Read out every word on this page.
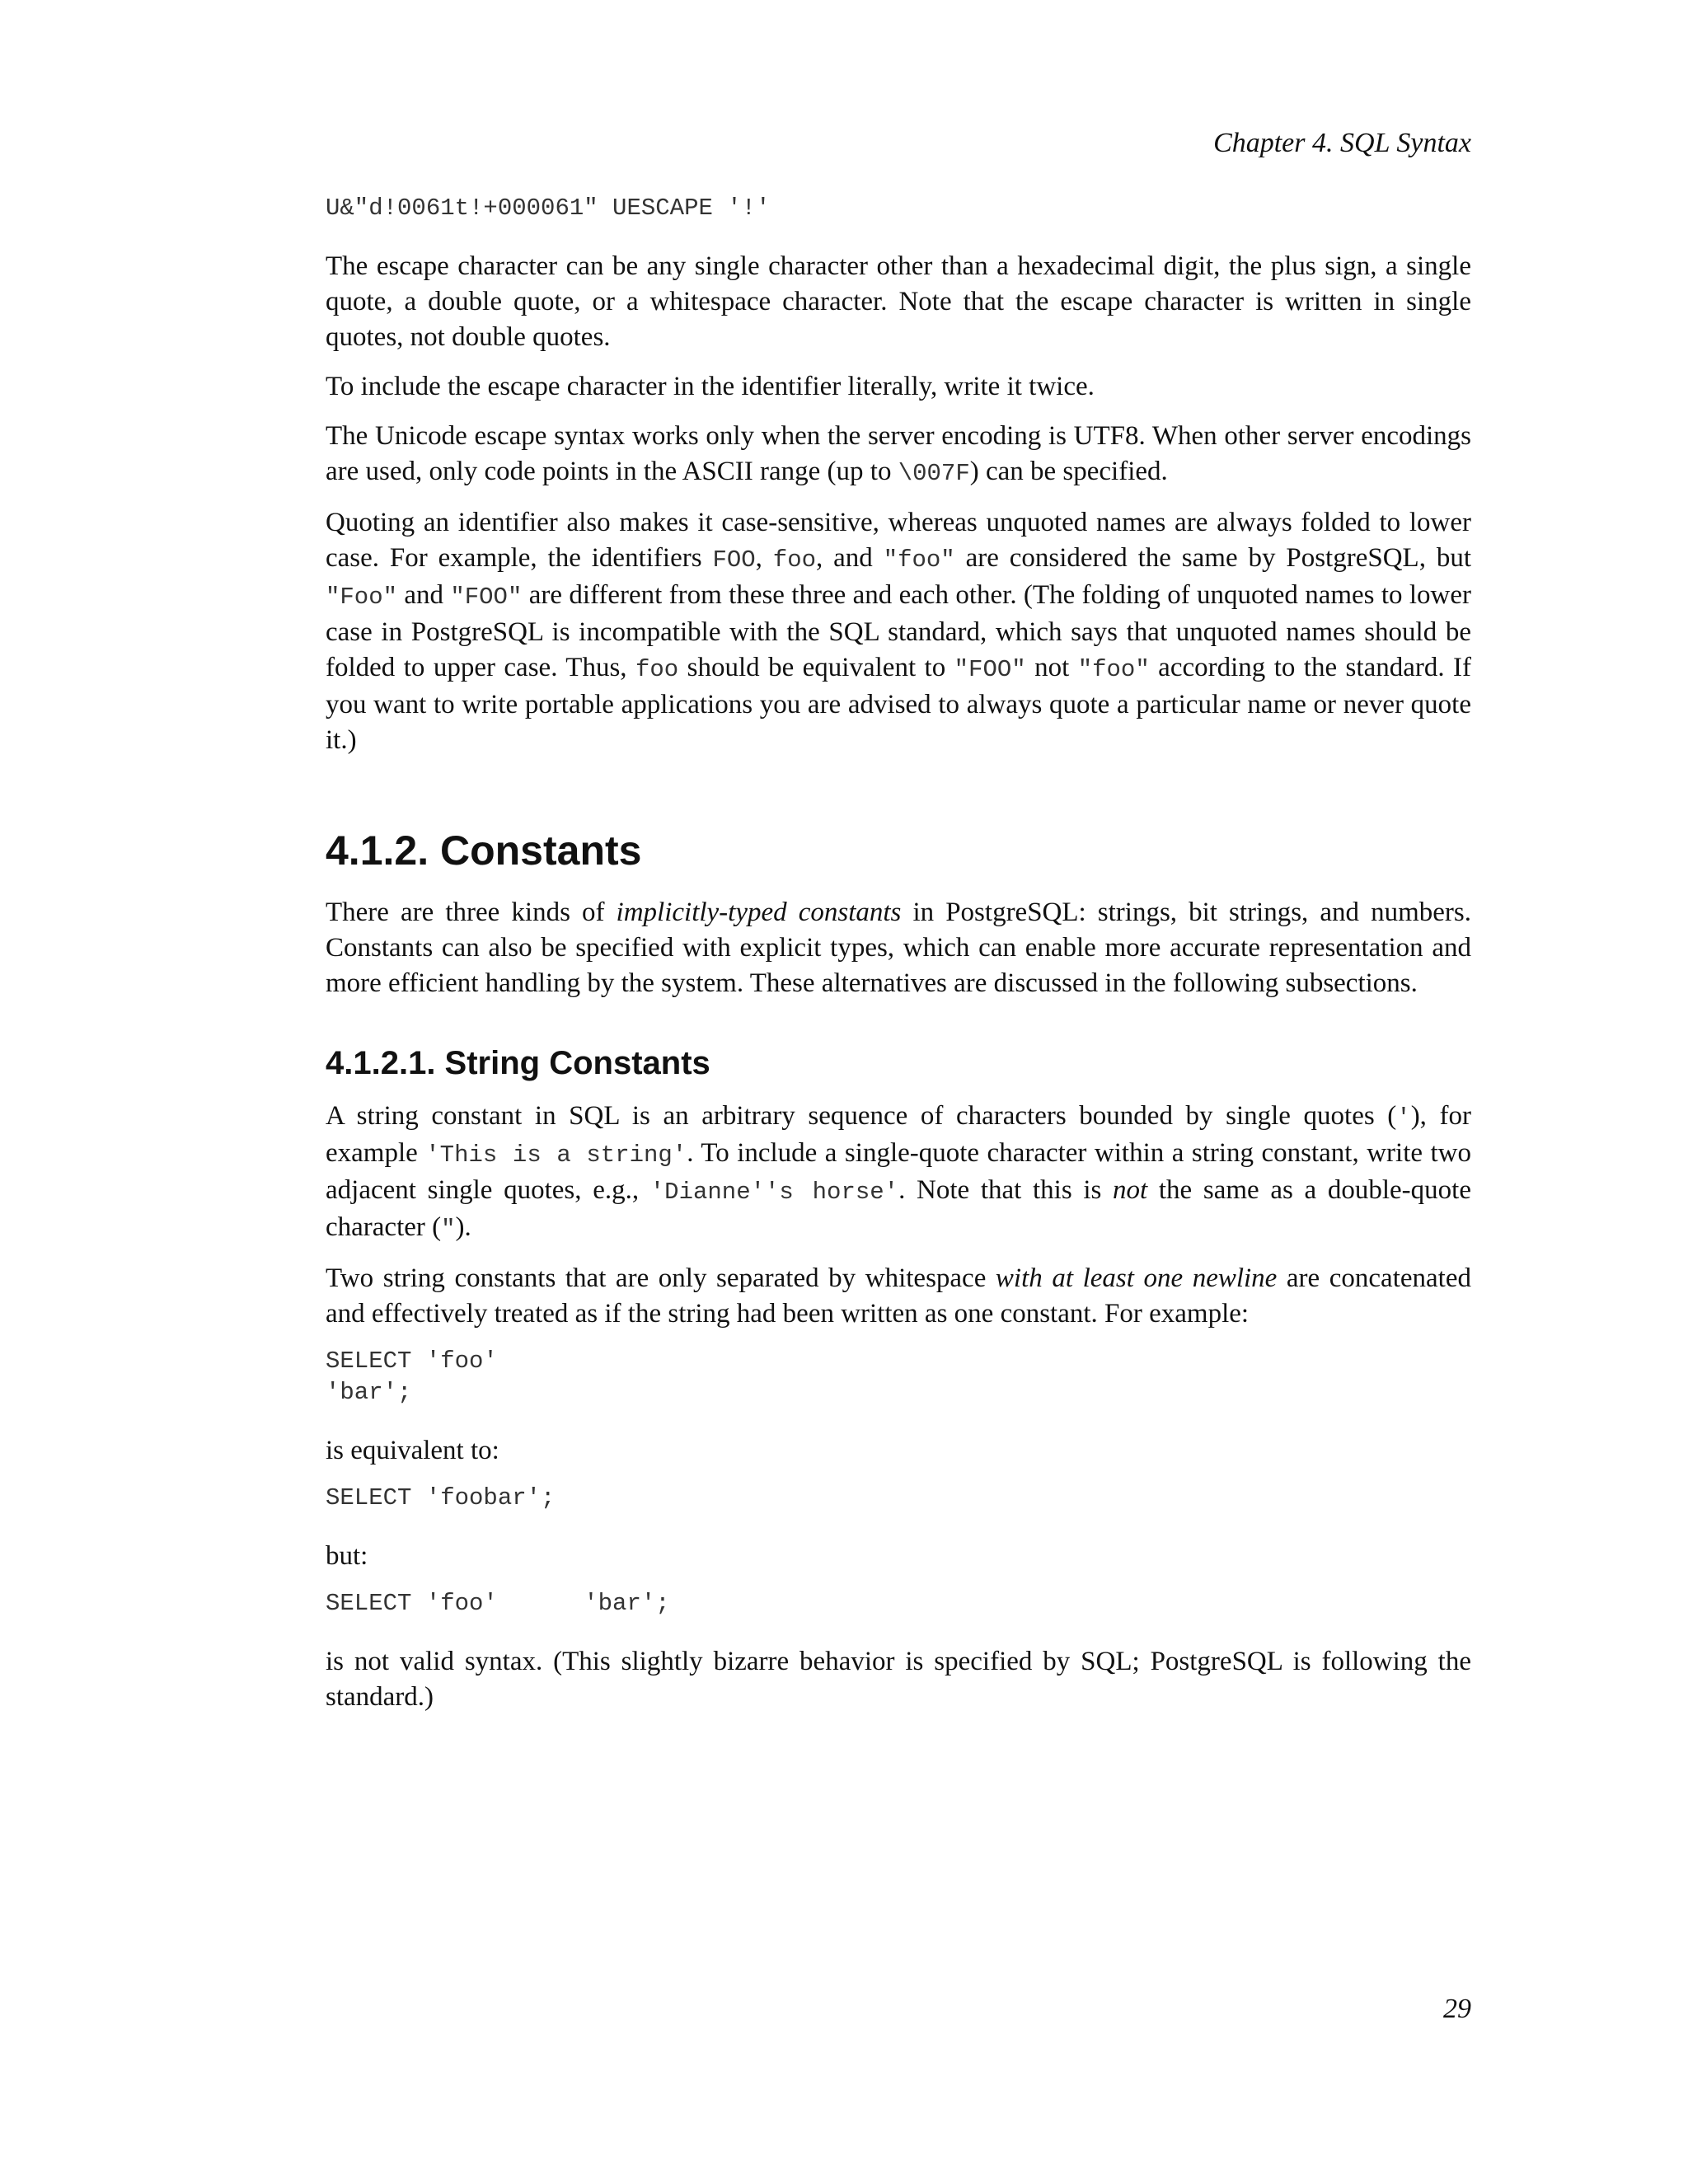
Chapter 4. SQL Syntax
U&"d!0061t!+000061" UESCAPE '!'

The escape character can be any single character other than a hexadecimal digit, the plus sign, a single quote, a double quote, or a whitespace character. Note that the escape character is written in single quotes, not double quotes.

To include the escape character in the identifier literally, write it twice.

The Unicode escape syntax works only when the server encoding is UTF8. When other server encodings are used, only code points in the ASCII range (up to \007F) can be specified.

Quoting an identifier also makes it case-sensitive, whereas unquoted names are always folded to lower case. For example, the identifiers FOO, foo, and "foo" are considered the same by PostgreSQL, but "Foo" and "FOO" are different from these three and each other. (The folding of unquoted names to lower case in PostgreSQL is incompatible with the SQL standard, which says that unquoted names should be folded to upper case. Thus, foo should be equivalent to "FOO" not "foo" according to the standard. If you want to write portable applications you are advised to always quote a particular name or never quote it.)

4.1.2. Constants

There are three kinds of implicitly-typed constants in PostgreSQL: strings, bit strings, and numbers. Constants can also be specified with explicit types, which can enable more accurate representation and more efficient handling by the system. These alternatives are discussed in the following subsections.

4.1.2.1. String Constants

A string constant in SQL is an arbitrary sequence of characters bounded by single quotes ('), for example 'This is a string'. To include a single-quote character within a string constant, write two adjacent single quotes, e.g., 'Dianne''s horse'. Note that this is not the same as a double-quote character (").

Two string constants that are only separated by whitespace with at least one newline are concatenated and effectively treated as if the string had been written as one constant. For example:

SELECT 'foo'
'bar';

is equivalent to:

SELECT 'foobar';

but:

SELECT 'foo'      'bar';

is not valid syntax. (This slightly bizarre behavior is specified by SQL; PostgreSQL is following the standard.)

29
